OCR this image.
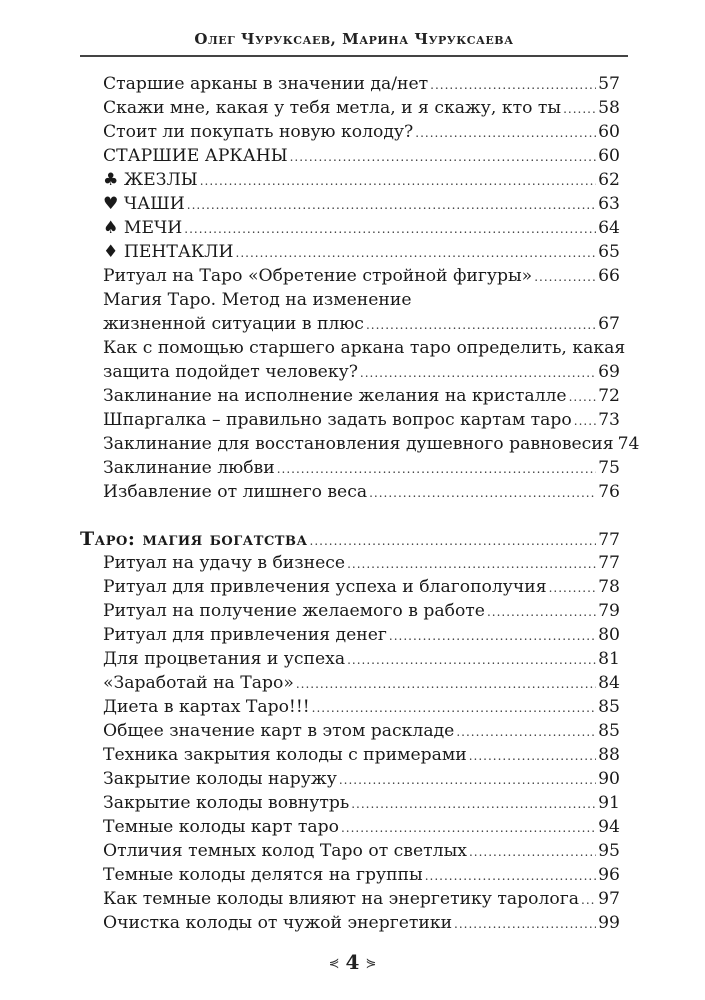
Олег Чуруксаев, Марина Чуруксаева
Старшие арканы в значении да/нет .....	57
Скажи мне, какая у тебя метла, и я скажу, кто ты ..... 58
Стоит ли покупать новую колоду? .....	60
СТАРШИЕ АРКАНЫ .....	60
♣ ЖЕЗЛЫ .....	62
♥ ЧАШИ .....	63
♠ МЕЧИ .....	64
♦ ПЕНТАКЛИ .....	65
Ритуал на Таро «Обретение стройной фигуры» .....	66
Магия Таро. Метод на изменение
жизненной ситуации в плюс .....	67
Как с помощью старшего аркана таро определить, какая
защита подойдет человеку? .....	69
Заклинание на исполнение желания на кристалле ..... 72
Шпаргалка – правильно задать вопрос картам таро ..... 73
Заклинание для восстановления душевного равновесия 74
Заклинание любви .....	75
Избавление от лишнего веса .....	76
Таро: магия богатства .....	77
Ритуал на удачу в бизнесе .....	77
Ритуал для привлечения успеха и благополучия .....	78
Ритуал на получение желаемого в работе .....	79
Ритуал для привлечения денег .....	80
Для процветания и успеха .....	81
«Заработай на Таро» .....	84
Диета в картах Таро!!! .....	85
Общее значение карт в этом раскладе .....	85
Техника закрытия колоды с примерами .....	88
Закрытие колоды наружу .....	90
Закрытие колоды вовнутрь .....	91
Темные колоды карт таро .....	94
Отличия темных колод Таро от светлых .....	95
Темные колоды делятся на группы .....	96
Как темные колоды влияют на энергетику таролога ..... 97
Очистка колоды от чужой энергетики .....	99
⋞ 4 ⋟
